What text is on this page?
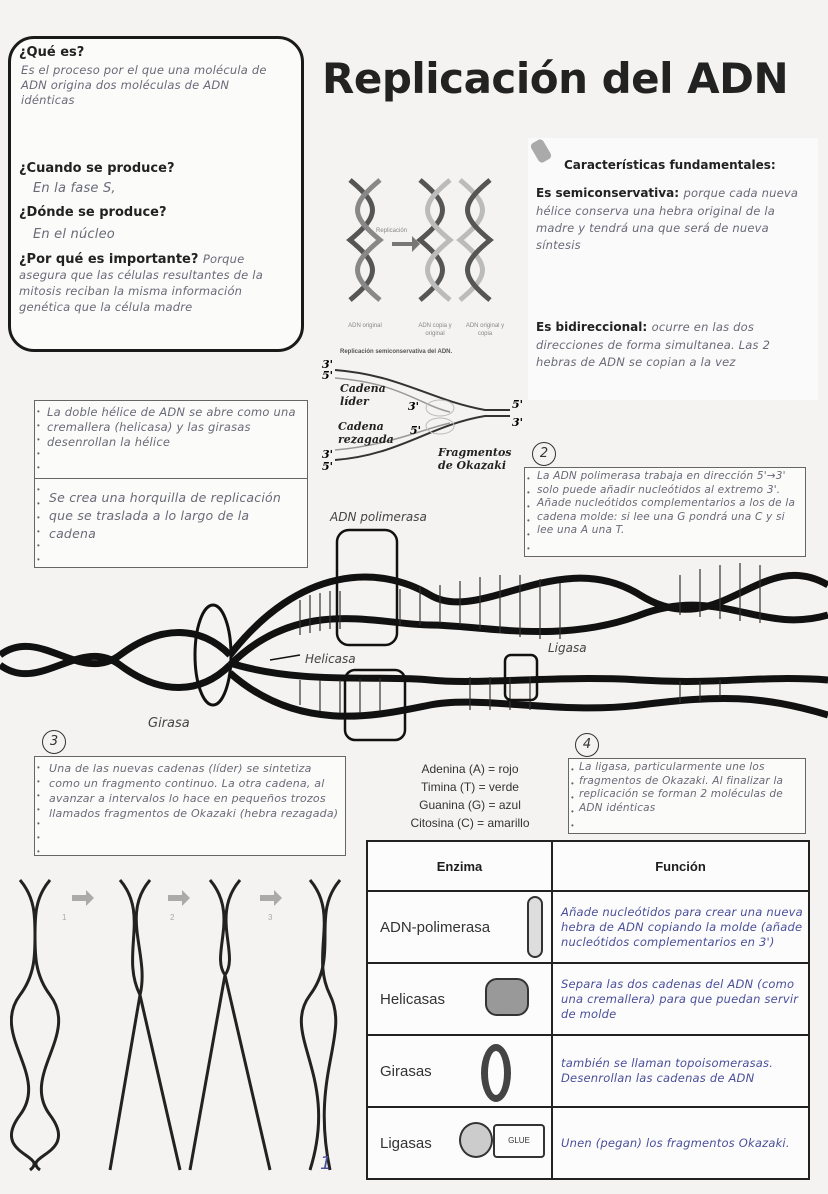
¿Qué es?
Es el proceso por el que una molécula de ADN origina dos moléculas de ADN idénticas
¿Cuando se produce?
En la fase S,
¿Dónde se produce?
En el núcleo
¿Por qué es importante? Porque asegura que las células resultantes de la mitosis reciban la misma información genética que la célula madre
Replicación del ADN
Replicación
Replicación semiconservativa del ADN.
ADN original	ADN copia y original
ADN original y copia
Características fundamentales:
Es semiconservativa: porque cada nueva hélice conserva una hebra original de la madre y tendrá una que será de nueva síntesis
Es bidireccional: ocurre en las dos direcciones de forma simultanea. Las 2 hebras de ADN se copian a la vez
3'
5'
3'	5'
3'
5'
3'
5'
Cadena líder
Cadena rezagada
Fragmentos de Okazaki
•
•
•
•
•
La doble hélice de ADN se abre como una cremallera (helicasa) y las girasas desenrollan la hélice
•
•
•
•
•
•
Se crea una horquilla de replicación que se traslada a lo largo de la cadena
2
•
•
•
•
•
•
La ADN polimerasa trabaja en dirección 5'→3' solo puede añadir nucleótidos al extremo 3'. Añade nucleótidos complementarios a los de la cadena molde: si lee una G pondrá una C y si lee una A una T.
ADN polimerasa
Helicasa
Ligasa
Girasa
3
•
•
•
•
•
•
•
Una de las nuevas cadenas (líder) se sintetiza como un fragmento continuo. La otra cadena, al avanzar a intervalos lo hace en pequeños trozos llamados fragmentos de Okazaki (hebra rezagada)
Adenina (A) = rojo
Timina (T) = verde
Guanina (G) = azul
Citosina (C) = amarillo
4
•
•
•
•
•
La ligasa, particularmente une los fragmentos de Okazaki. Al finalizar la replicación se forman 2 moléculas de ADN idénticas
1	2	3
Enzima	Función
ADN-polimerasa	Añade nucleótidos para crear una nueva hebra de ADN copiando la molde (añade nucleótidos complementarios en 3')
Helicasas	Separa las dos cadenas del ADN (como una cremallera) para que puedan servir de molde
Girasas	también se llaman topoisomerasas. Desenrollan las cadenas de ADN
Ligasas GLUE	Unen (pegan) los fragmentos Okazaki.
1
